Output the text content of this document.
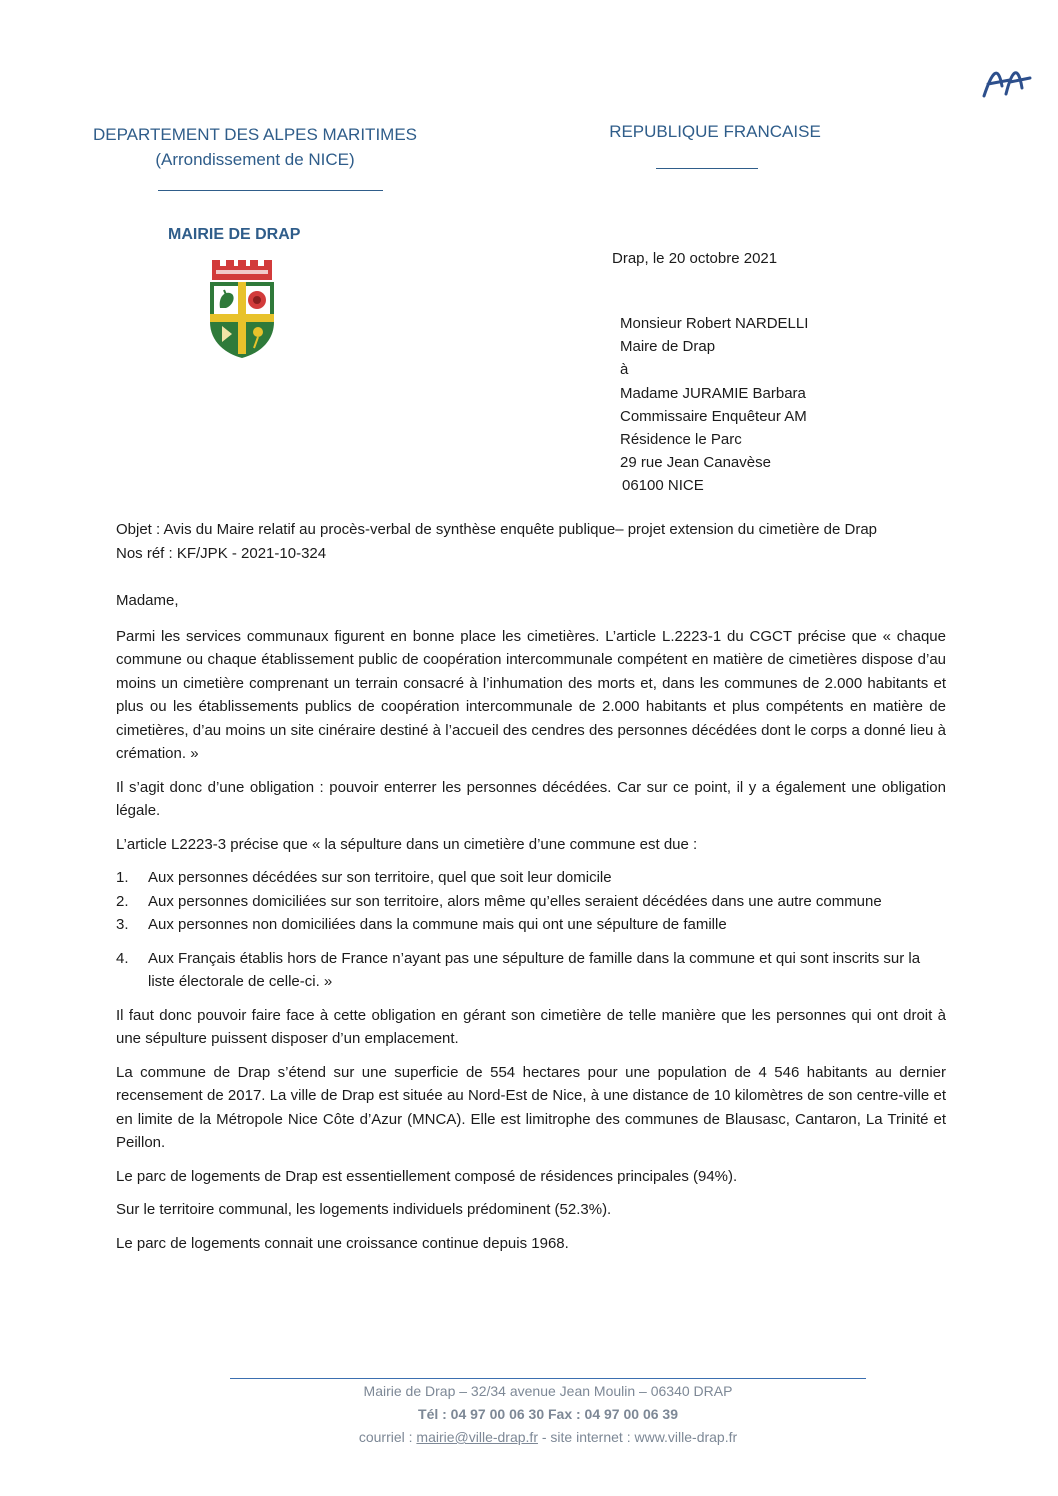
DEPARTEMENT DES ALPES MARITIMES
(Arrondissement de NICE)
REPUBLIQUE FRANCAISE
MAIRIE DE DRAP
Drap, le 20 octobre 2021
Monsieur Robert NARDELLI
Maire de Drap
à
Madame JURAMIE Barbara
Commissaire Enquêteur AM
Résidence le Parc
29 rue Jean Canavèse
06100 NICE

Objet : Avis du Maire relatif au procès-verbal de synthèse enquête publique– projet extension du cimetière de Drap
Nos réf : KF/JPK - 2021-10-324

Madame,

Parmi les services communaux figurent en bonne place les cimetières. L’article L.2223-1 du CGCT précise que « chaque commune ou chaque établissement public de coopération intercommunale compétent en matière de cimetières dispose d’au moins un cimetière comprenant un terrain consacré à l’inhumation des morts et, dans les communes de 2.000 habitants et plus ou les établissements publics de coopération intercommunale de 2.000 habitants et plus compétents en matière de cimetières, d’au moins un site cinéraire destiné à l’accueil des cendres des personnes décédées dont le corps a donné lieu à crémation. »

Il s’agit donc d’une obligation : pouvoir enterrer les personnes décédées. Car sur ce point, il y a également une obligation légale.

L’article L2223-3 précise que « la sépulture dans un cimetière d’une commune est due :

1. Aux personnes décédées sur son territoire, quel que soit leur domicile
2. Aux personnes domiciliées sur son territoire, alors même qu’elles seraient décédées dans une autre commune
3. Aux personnes non domiciliées dans la commune mais qui ont une sépulture de famille
4. Aux Français établis hors de France n’ayant pas une sépulture de famille dans la commune et qui sont inscrits sur la liste électorale de celle-ci. »

Il faut donc pouvoir faire face à cette obligation en gérant son cimetière de telle manière que les personnes qui ont droit à une sépulture puissent disposer d’un emplacement.

La commune de Drap s’étend sur une superficie de 554 hectares pour une population de 4 546 habitants au dernier recensement de 2017. La ville de Drap est située au Nord-Est de Nice, à une distance de 10 kilomètres de son centre-ville et en limite de la Métropole Nice Côte d’Azur (MNCA). Elle est limitrophe des communes de Blausasc, Cantaron, La Trinité et Peillon.

Le parc de logements de Drap est essentiellement composé de résidences principales (94%).

Sur le territoire communal, les logements individuels prédominent (52.3%).

Le parc de logements connait une croissance continue depuis 1968.

Mairie de Drap – 32/34 avenue Jean Moulin – 06340 DRAP
Tél : 04 97 00 06 30 Fax : 04 97 00 06 39
courriel : mairie@ville-drap.fr - site internet : www.ville-drap.fr
